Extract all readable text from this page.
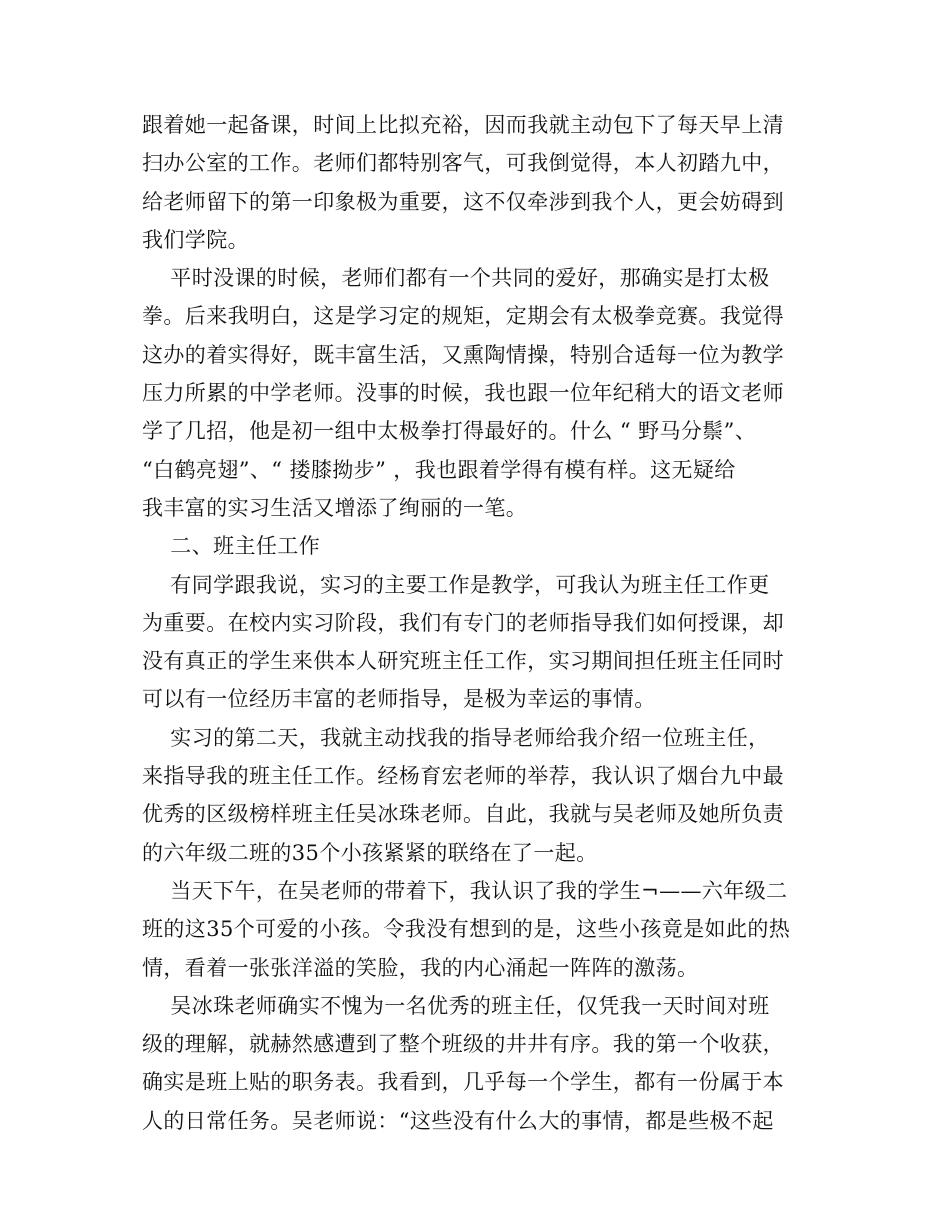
跟着她一起备课，时间上比拟充裕，因而我就主动包下了每天早上清
扫办公室的工作。老师们都特别客气，可我倒觉得，本人初踏九中，
给老师留下的第一印象极为重要，这不仅牵涉到我个人，更会妨碍到
我们学院。
平时没课的时候，老师们都有一个共同的爱好，那确实是打太极
拳。后来我明白，这是学习定的规矩，定期会有太极拳竞赛。我觉得
这办的着实得好，既丰富生活，又熏陶情操，特别合适每一位为教学
压力所累的中学老师。没事的时候，我也跟一位年纪稍大的语文老师
学了几招，他是初一组中太极拳打得最好的。什么 “ 野马分鬃”、
“白鹤亮翅”、“ 搂膝拗步” ，我也跟着学得有模有样。这无疑给
我丰富的实习生活又增添了绚丽的一笔。
二、班主任工作
有同学跟我说，实习的主要工作是教学，可我认为班主任工作更
为重要。在校内实习阶段，我们有专门的老师指导我们如何授课，却
没有真正的学生来供本人研究班主任工作，实习期间担任班主任同时
可以有一位经历丰富的老师指导，是极为幸运的事情。
实习的第二天，我就主动找我的指导老师给我介绍一位班主任，
来指导我的班主任工作。经杨育宏老师的举荐，我认识了烟台九中最
优秀的区级榜样班主任吴冰珠老师。自此，我就与吴老师及她所负责
的六年级二班的35个小孩紧紧的联络在了一起。
当天下午，在吴老师的带着下，我认识了我的学生¬——六年级二
班的这35个可爱的小孩。令我没有想到的是，这些小孩竟是如此的热
情，看着一张张洋溢的笑脸，我的内心涌起一阵阵的激荡。
吴冰珠老师确实不愧为一名优秀的班主任，仅凭我一天时间对班
级的理解，就赫然感遭到了整个班级的井井有序。我的第一个收获，
确实是班上贴的职务表。我看到，几乎每一个学生，都有一份属于本
人的日常任务。吴老师说：“这些没有什么大的事情，都是些极不起
